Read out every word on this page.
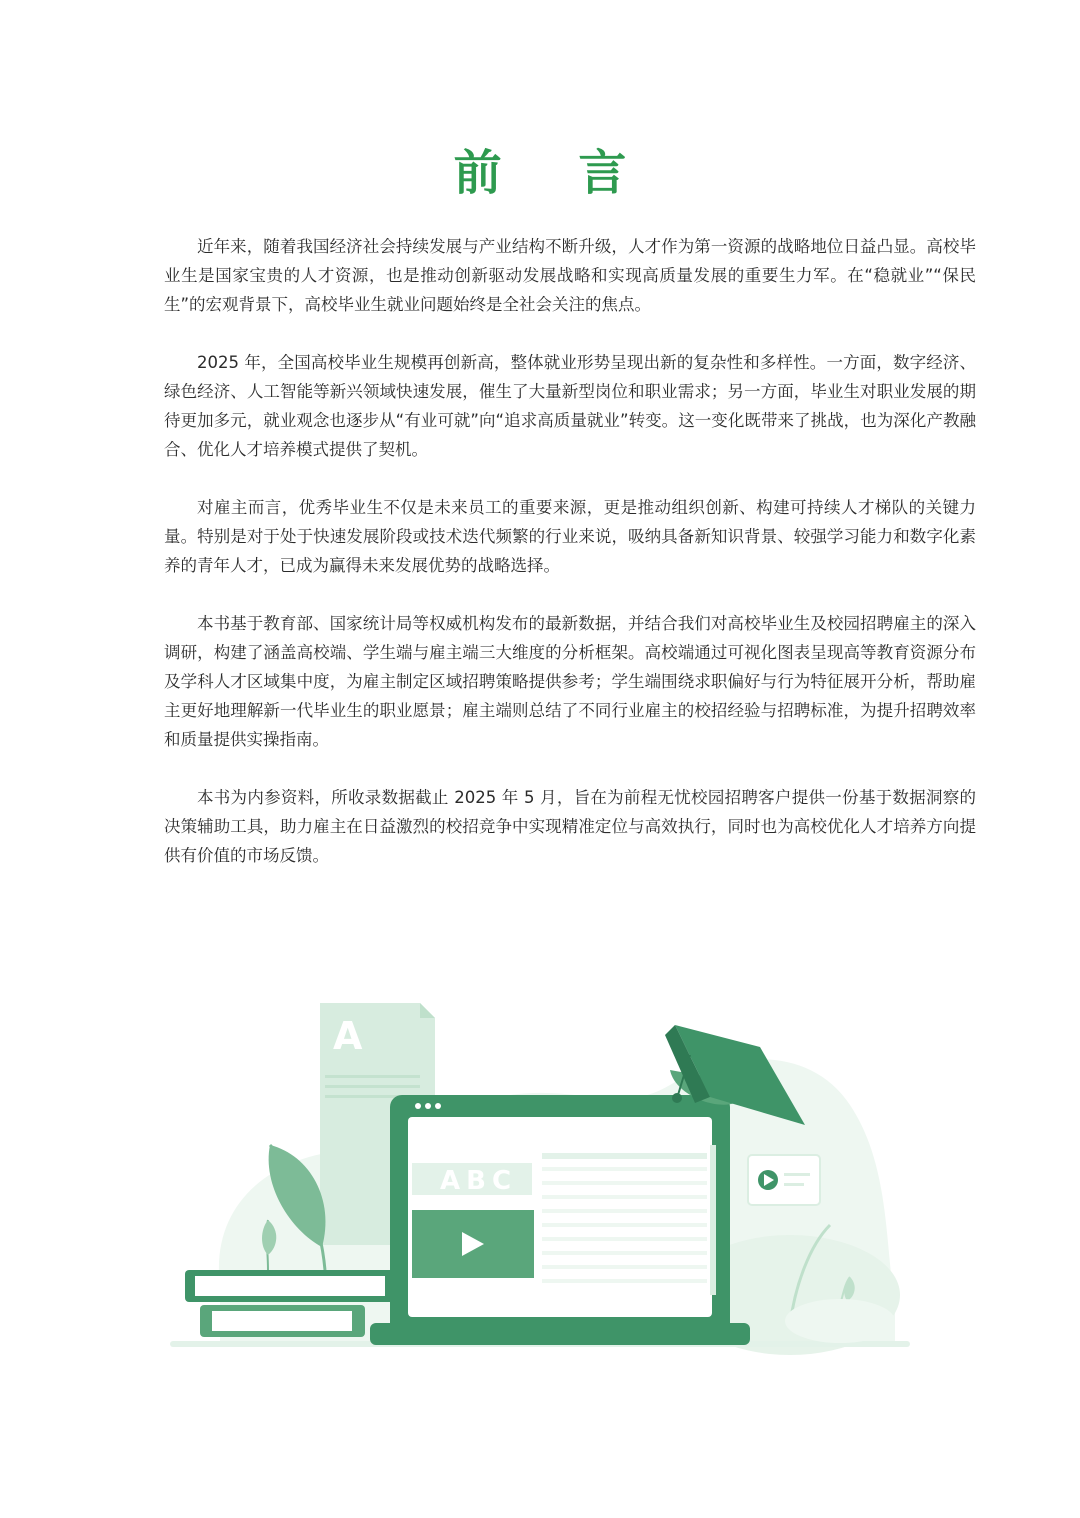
前 言

近年来，随着我国经济社会持续发展与产业结构不断升级，人才作为第一资源的战略地位日益凸显。高校毕业生是国家宝贵的人才资源，也是推动创新驱动发展战略和实现高质量发展的重要生力军。在“稳就业”“保民生”的宏观背景下，高校毕业生就业问题始终是全社会关注的焦点。

2025 年，全国高校毕业生规模再创新高，整体就业形势呈现出新的复杂性和多样性。一方面，数字经济、绿色经济、人工智能等新兴领域快速发展，催生了大量新型岗位和职业需求；另一方面，毕业生对职业发展的期待更加多元，就业观念也逐步从“有业可就”向“追求高质量就业”转变。这一变化既带来了挑战，也为深化产教融合、优化人才培养模式提供了契机。

对雇主而言，优秀毕业生不仅是未来员工的重要来源，更是推动组织创新、构建可持续人才梯队的关键力量。特别是对于处于快速发展阶段或技术迭代频繁的行业来说，吸纳具备新知识背景、较强学习能力和数字化素养的青年人才，已成为赢得未来发展优势的战略选择。

本书基于教育部、国家统计局等权威机构发布的最新数据，并结合我们对高校毕业生及校园招聘雇主的深入调研，构建了涵盖高校端、学生端与雇主端三大维度的分析框架。高校端通过可视化图表呈现高等教育资源分布及学科人才区域集中度，为雇主制定区域招聘策略提供参考；学生端围绕求职偏好与行为特征展开分析，帮助雇主更好地理解新一代毕业生的职业愿景；雇主端则总结了不同行业雇主的校招经验与招聘标准，为提升招聘效率和质量提供实操指南。

本书为内参资料，所收录数据截止 2025 年 5 月，旨在为前程无忧校园招聘客户提供一份基于数据洞察的决策辅助工具，助力雇主在日益激烈的校招竞争中实现精准定位与高效执行，同时也为高校优化人才培养方向提供有价值的市场反馈。

A
ABC
